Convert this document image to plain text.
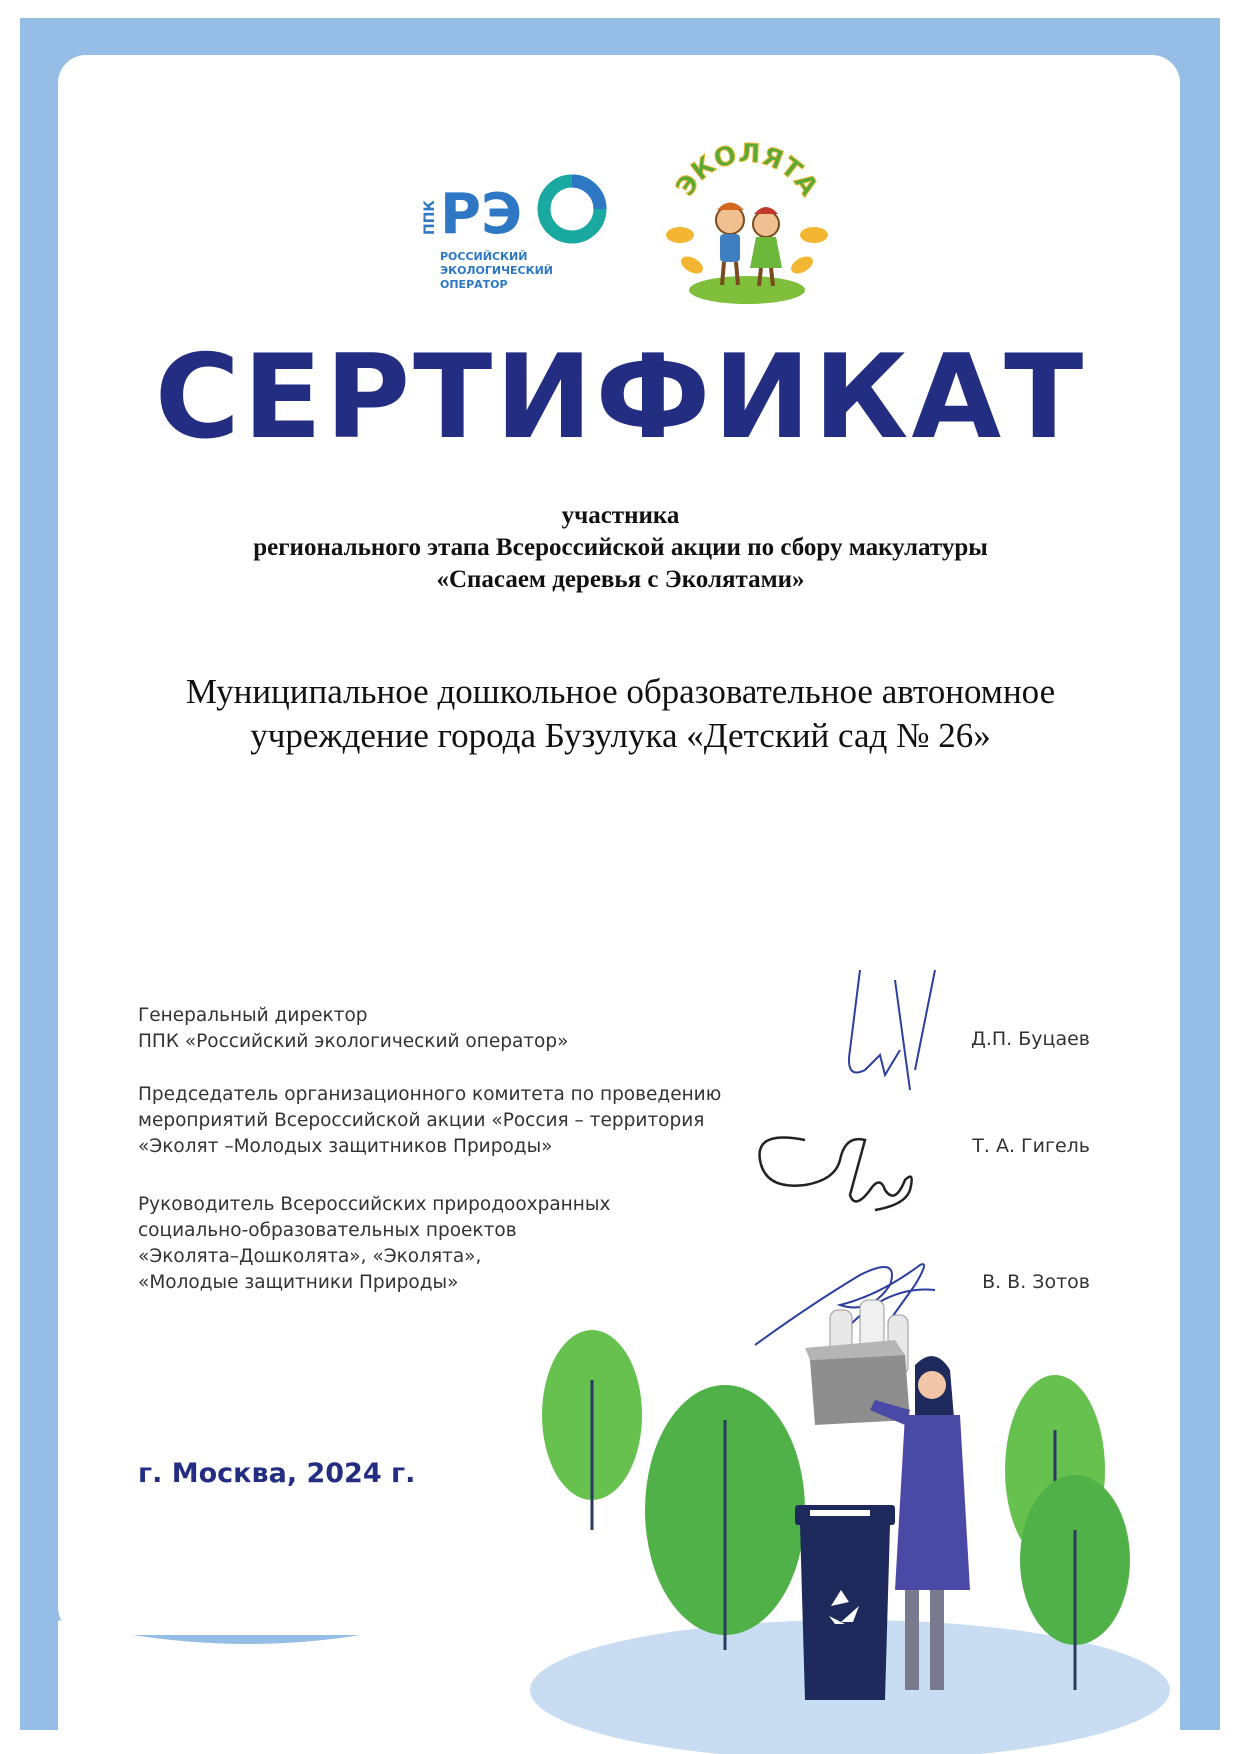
ППК РЭ
РОССИЙСКИЙ
ЭКОЛОГИЧЕСКИЙ
ОПЕРАТОР
ЭКОЛЯТА
СЕРТИФИКАТ
участника
регионального этапа Всероссийской акции по сбору макулатуры
«Спасаем деревья с Эколятами»
Муниципальное дошкольное образовательное автономное
учреждение города Бузулука «Детский сад № 26»
Генеральный директор
ППК «Российский экологический оператор»	Д.П. Буцаев
Председатель организационного комитета по проведению
мероприятий Всероссийской акции «Россия – территория
«Эколят –Молодых защитников Природы»	Т. А. Гигель
Руководитель Всероссийских природоохранных
социально-образовательных проектов
«Эколята–Дошколята», «Эколята»,
«Молодые защитники Природы»	В. В. Зотов
г. Москва, 2024 г.
